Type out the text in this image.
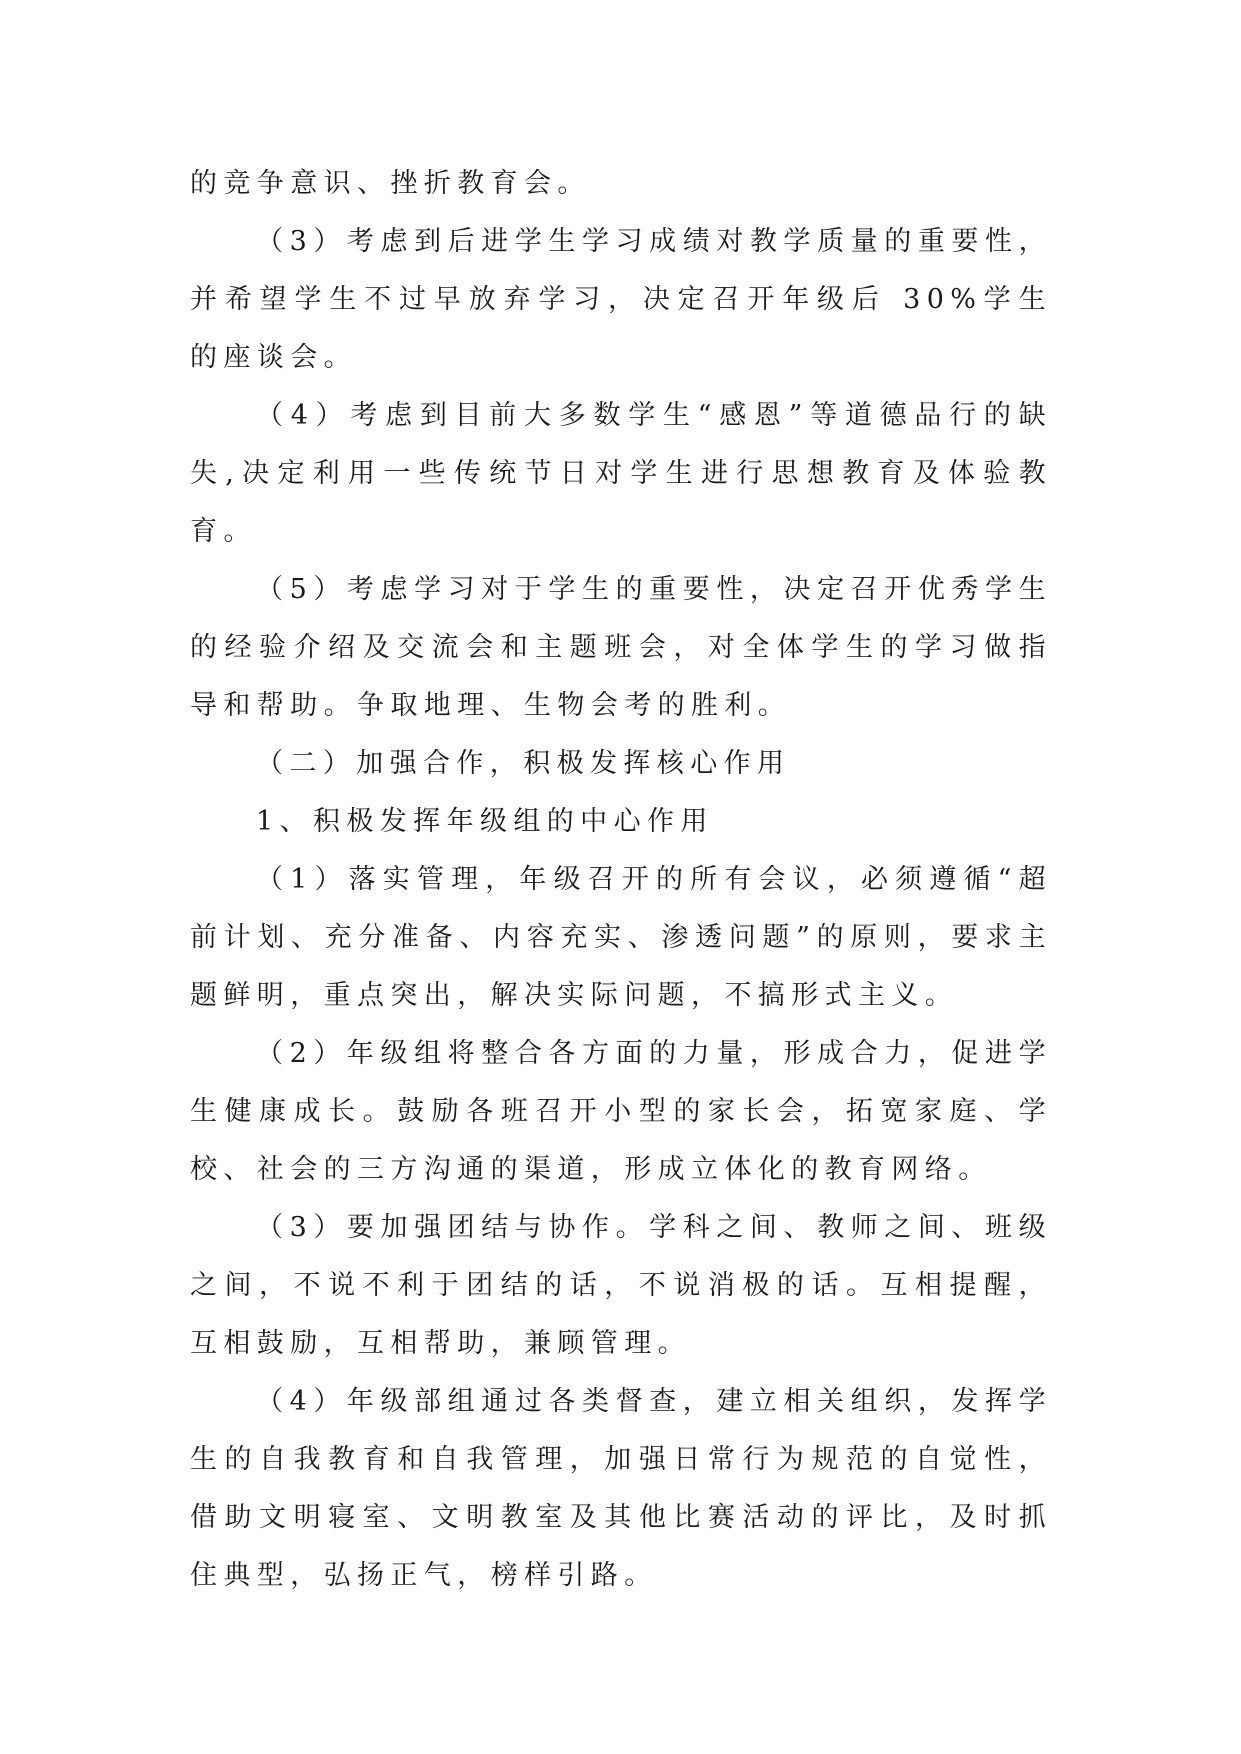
的竞争意识、挫折教育会。

（3）考虑到后进学生学习成绩对教学质量的重要性，并希望学生不过早放弃学习，决定召开年级后 30%学生的座谈会。

（4）考虑到目前大多数学生“感恩”等道德品行的缺失,决定利用一些传统节日对学生进行思想教育及体验教育。

（5）考虑学习对于学生的重要性，决定召开优秀学生的经验介绍及交流会和主题班会，对全体学生的学习做指导和帮助。争取地理、生物会考的胜利。

（二）加强合作，积极发挥核心作用

1、积极发挥年级组的中心作用

（1）落实管理，年级召开的所有会议，必须遵循“超前计划、充分准备、内容充实、渗透问题”的原则，要求主题鲜明，重点突出，解决实际问题，不搞形式主义。

（2）年级组将整合各方面的力量，形成合力，促进学生健康成长。鼓励各班召开小型的家长会，拓宽家庭、学校、社会的三方沟通的渠道，形成立体化的教育网络。

（3）要加强团结与协作。学科之间、教师之间、班级之间，不说不利于团结的话，不说消极的话。互相提醒，互相鼓励，互相帮助，兼顾管理。

（4）年级部组通过各类督查，建立相关组织，发挥学生的自我教育和自我管理，加强日常行为规范的自觉性，借助文明寝室、文明教室及其他比赛活动的评比，及时抓住典型，弘扬正气，榜样引路。
